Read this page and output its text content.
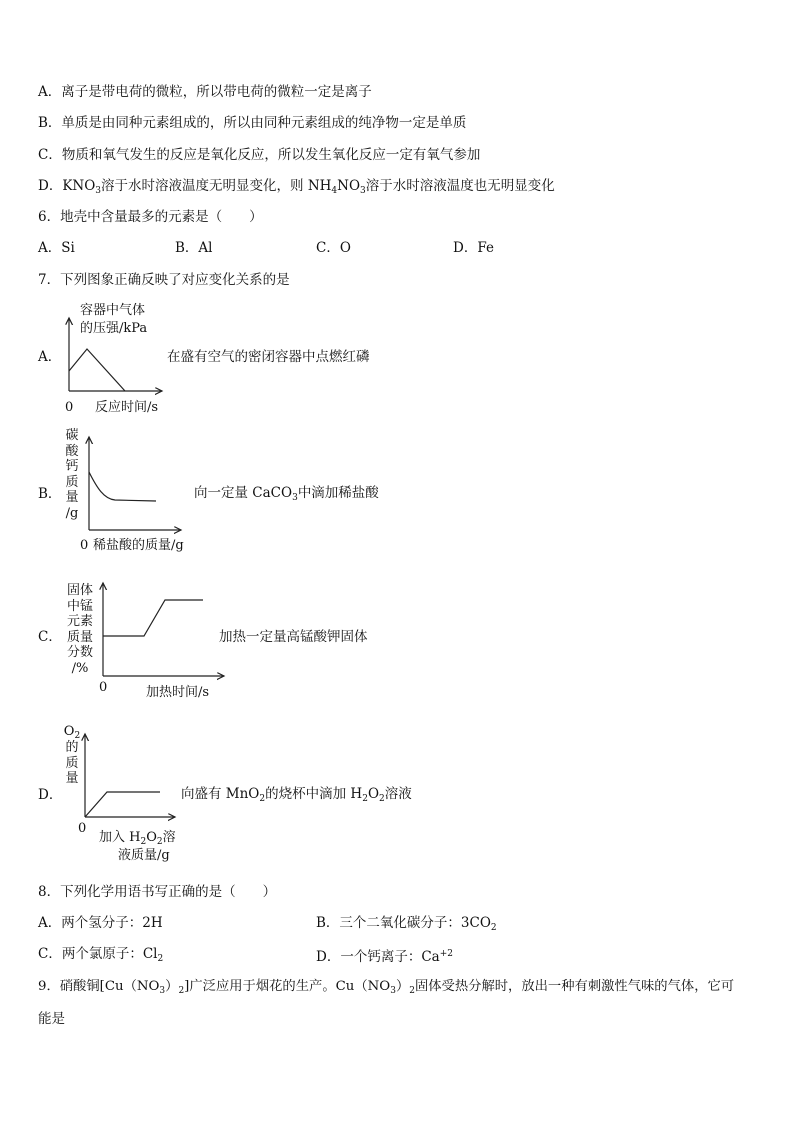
A．离子是带电荷的微粒，所以带电荷的微粒一定是离子
B．单质是由同种元素组成的，所以由同种元素组成的纯净物一定是单质
C．物质和氧气发生的反应是氧化反应，所以发生氧化反应一定有氧气参加
D．$KNO_3$溶于水时溶液温度无明显变化，则 $NH_4NO_3$溶于水时溶液温度也无明显变化
6．地壳中含量最多的元素是（　　）
A．Si	B．Al	C．O	D．Fe
7．下列图象正确反映了对应变化关系的是
A．
容器中气体
的压强/kPa
0 反应时间/s
在盛有空气的密闭容器中点燃红磷
B．
碳
酸
钙
质
量
/g
0 稀盐酸的质量/g
向一定量 CaCO$_3$中滴加稀盐酸
C．
固体
中锰
元素
质量
分数
/%
0	加热时间/s
加热一定量高锰酸钾固体
D．
$O_2$
的
质
量
0
加入 $H_2O_2$溶
液质量/g
向盛有 MnO$_2$的烧杯中滴加 $H_2O_2$溶液
8．下列化学用语书写正确的是（　　）
A．两个氢分子：2H	B．三个二氧化碳分子：$3CO_2$
C．两个氯原子：$Cl_2$	D．一个钙离子：$Ca^{+2}$
9．硝酸铜$[Cu(NO_3)_2]$广泛应用于烟花的生产。$Cu(NO_3)_2$固体受热分解时，放出一种有刺激性气味的气体，它可
能是
